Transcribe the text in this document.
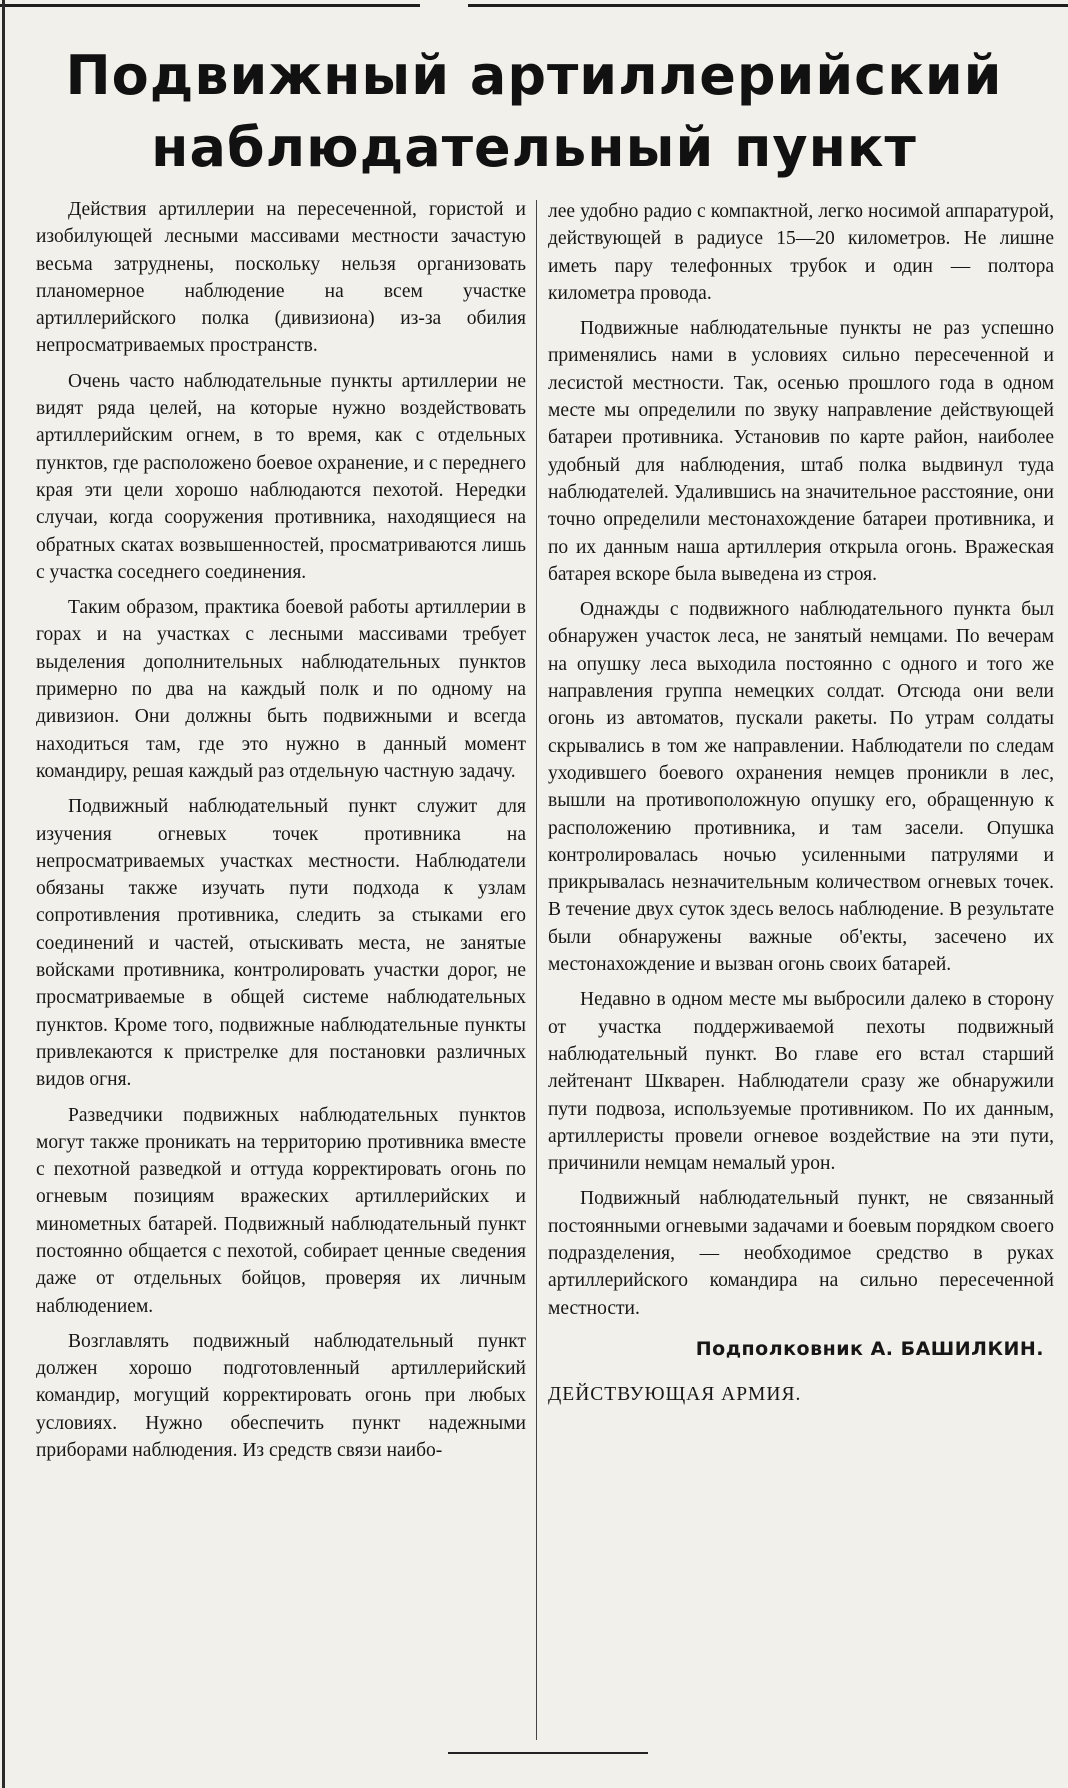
Подвижный артиллерийский
наблюдательный пункт

Действия артиллерии на пересеченной, гористой и изобилующей лесными массивами местности зачастую весьма затруднены, поскольку нельзя организовать планомерное наблюдение на всем участке артиллерийского полка (дивизиона) из-за обилия непросматриваемых пространств.

Очень часто наблюдательные пункты артиллерии не видят ряда целей, на которые нужно воздействовать артиллерийским огнем, в то время, как с отдельных пунктов, где расположено боевое охранение, и с переднего края эти цели хорошо наблюдаются пехотой. Нередки случаи, когда сооружения противника, находящиеся на обратных скатах возвышенностей, просматриваются лишь с участка соседнего соединения.

Таким образом, практика боевой работы артиллерии в горах и на участках с лесными массивами требует выделения дополнительных наблюдательных пунктов примерно по два на каждый полк и по одному на дивизион. Они должны быть подвижными и всегда находиться там, где это нужно в данный момент командиру, решая каждый раз отдельную частную задачу.

Подвижный наблюдательный пункт служит для изучения огневых точек противника на непросматриваемых участках местности. Наблюдатели обязаны также изучать пути подхода к узлам сопротивления противника, следить за стыками его соединений и частей, отыскивать места, не занятые войсками противника, контролировать участки дорог, не просматриваемые в общей системе наблюдательных пунктов. Кроме того, подвижные наблюдательные пункты привлекаются к пристрелке для постановки различных видов огня.

Разведчики подвижных наблюдательных пунктов могут также проникать на территорию противника вместе с пехотной разведкой и оттуда корректировать огонь по огневым позициям вражеских артиллерийских и минометных батарей. Подвижный наблюдательный пункт постоянно общается с пехотой, собирает ценные сведения даже от отдельных бойцов, проверяя их личным наблюдением.

Возглавлять подвижный наблюдательный пункт должен хорошо подготовленный артиллерийский командир, могущий корректировать огонь при любых условиях. Нужно обеспечить пункт надежными приборами наблюдения. Из средств связи наибо-

лее удобно радио с компактной, легко носимой аппаратурой, действующей в радиусе 15—20 километров. Не лишне иметь пару телефонных трубок и один — полтора километра провода.

Подвижные наблюдательные пункты не раз успешно применялись нами в условиях сильно пересеченной и лесистой местности. Так, осенью прошлого года в одном месте мы определили по звуку направление действующей батареи противника. Установив по карте район, наиболее удобный для наблюдения, штаб полка выдвинул туда наблюдателей. Удалившись на значительное расстояние, они точно определили местонахождение батареи противника, и по их данным наша артиллерия открыла огонь. Вражеская батарея вскоре была выведена из строя.

Однажды с подвижного наблюдательного пункта был обнаружен участок леса, не занятый немцами. По вечерам на опушку леса выходила постоянно с одного и того же направления группа немецких солдат. Отсюда они вели огонь из автоматов, пускали ракеты. По утрам солдаты скрывались в том же направлении. Наблюдатели по следам уходившего боевого охранения немцев проникли в лес, вышли на противоположную опушку его, обращенную к расположению противника, и там засели. Опушка контролировалась ночью усиленными патрулями и прикрывалась незначительным количеством огневых точек. В течение двух суток здесь велось наблюдение. В результате были обнаружены важные об'екты, засечено их местонахождение и вызван огонь своих батарей.

Недавно в одном месте мы выбросили далеко в сторону от участка поддерживаемой пехоты подвижный наблюдательный пункт. Во главе его встал старший лейтенант Шкварен. Наблюдатели сразу же обнаружили пути подвоза, используемые противником. По их данным, артиллеристы провели огневое воздействие на эти пути, причинили немцам немалый урон.

Подвижный наблюдательный пункт, не связанный постоянными огневыми задачами и боевым порядком своего подразделения, — необходимое средство в руках артиллерийского командира на сильно пересеченной местности.

Подполковник А. БАШИЛКИН.
ДЕЙСТВУЮЩАЯ АРМИЯ.
